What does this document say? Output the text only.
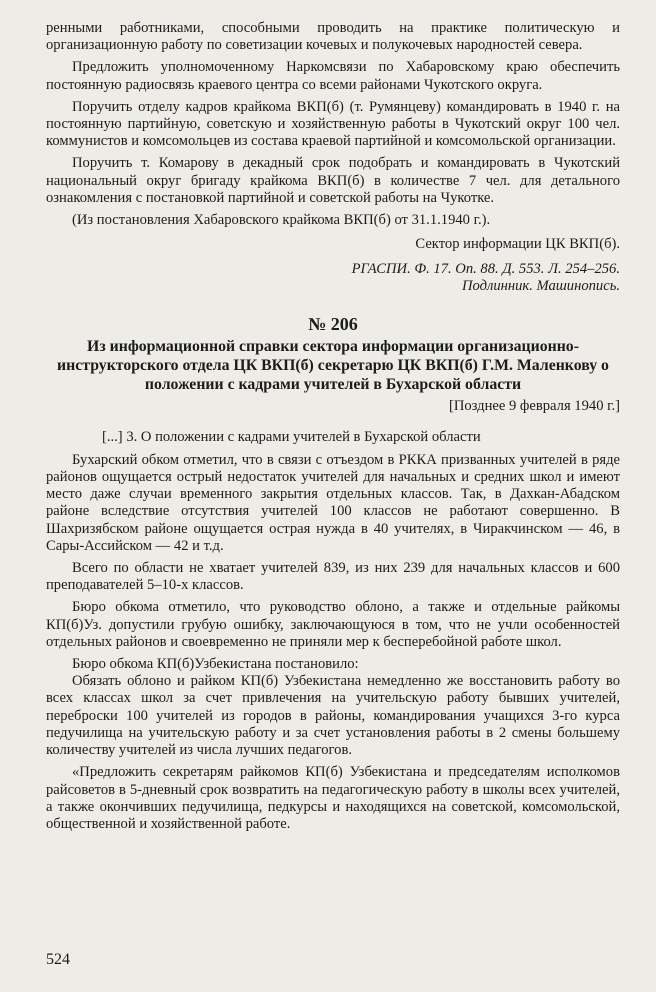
ренными работниками, способными проводить на практике политическую и организационную работу по советизации кочевых и полукочевых народностей севера.

Предложить уполномоченному Наркомсвязи по Хабаровскому краю обеспечить постоянную радиосвязь краевого центра со всеми районами Чукотского округа.

Поручить отделу кадров крайкома ВКП(б) (т. Румянцеву) командировать в 1940 г. на постоянную партийную, советскую и хозяйственную работы в Чукотский округ 100 чел. коммунистов и комсомольцев из состава краевой партийной и комсомольской организации.

Поручить т. Комарову в декадный срок подобрать и командировать в Чукотский национальный округ бригаду крайкома ВКП(б) в количестве 7 чел. для детального ознакомления с постановкой партийной и советской работы на Чукотке.

(Из постановления Хабаровского крайкома ВКП(б) от 31.1.1940 г.).

Сектор информации ЦК ВКП(б).

РГАСПИ. Ф. 17. Оп. 88. Д. 553. Л. 254–256.
Подлинник. Машинопись.

№ 206
Из информационной справки сектора информации организационно-инструкторского отдела ЦК ВКП(б) секретарю ЦК ВКП(б) Г.М. Маленкову о положении с кадрами учителей в Бухарской области

[Позднее 9 февраля 1940 г.]

[...] 3. О положении с кадрами учителей в Бухарской области

Бухарский обком отметил, что в связи с отъездом в РККА призванных учителей в ряде районов ощущается острый недостаток учителей для начальных и средних школ и имеют место даже случаи временного закрытия отдельных классов. Так, в Дахкан-Абадском районе вследствие отсутствия учителей 100 классов не работают совершенно. В Шахризябском районе ощущается острая нужда в 40 учителях, в Чиракчинском — 46, в Сары-Ассийском — 42 и т.д.

Всего по области не хватает учителей 839, из них 239 для начальных классов и 600 преподавателей 5–10-х классов.

Бюро обкома отметило, что руководство облоно, а также и отдельные райкомы КП(б)Уз. допустили грубую ошибку, заключающуюся в том, что не учли особенностей отдельных районов и своевременно не приняли мер к бесперебойной работе школ.

Бюро обкома КП(б)Узбекистана постановило:

Обязать облоно и райком КП(б) Узбекистана немедленно же восстановить работу во всех классах школ за счет привлечения на учительскую работу бывших учителей, переброски 100 учителей из городов в районы, командирования учащихся 3-го курса педучилища на учительскую работу и за счет установления работы в 2 смены большему количеству учителей из числа лучших педагогов.

«Предложить секретарям райкомов КП(б) Узбекистана и председателям исполкомов райсоветов в 5-дневный срок возвратить на педагогическую работу в школы всех учителей, а также окончивших педучилища, педкурсы и находящихся на советской, комсомольской, общественной и хозяйственной работе.

524
